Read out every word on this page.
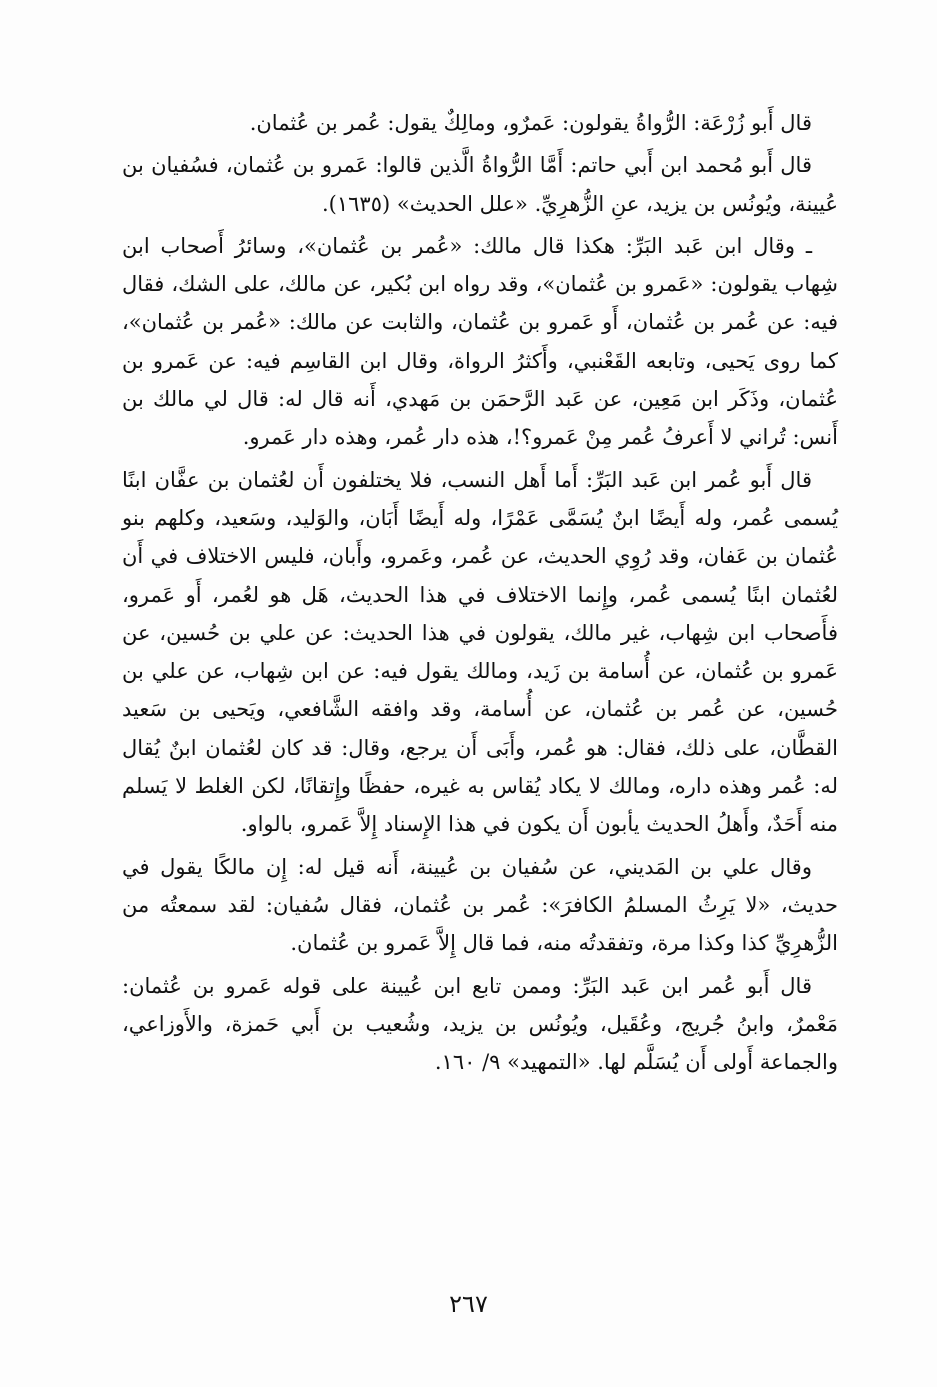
قال أَبو زُرْعَة: الرُّواةُ يقولون: عَمرٌو، ومالِكٌ يقول: عُمر بن عُثمان.

قال أَبو مُحمد ابن أَبي حاتم: أَمَّا الرُّواةُ الَّذين قالوا: عَمرو بن عُثمان، فسُفيان بن عُيينة، ويُونُس بن يزيد، عنِ الزُّهرِيِّ. «علل الحديث» (١٦٣٥).

ـ وقال ابن عَبد البَرِّ: هكذا قال مالك: «عُمر بن عُثمان»، وسائرُ أَصحاب ابن شِهاب يقولون: «عَمرو بن عُثمان»، وقد رواه ابن بُكير، عن مالك، على الشك، فقال فيه: عن عُمر بن عُثمان، أَو عَمرو بن عُثمان، والثابت عن مالك: «عُمر بن عُثمان»، كما روى يَحيى، وتابعه القَعْنبي، وأَكثرُ الرواة، وقال ابن القاسِم فيه: عن عَمرو بن عُثمان، وذَكَر ابن مَعِين، عن عَبد الرَّحمَن بن مَهدي، أَنه قال له: قال لي مالك بن أَنس: تُراني لا أَعرفُ عُمر مِنْ عَمرو؟!، هذه دار عُمر، وهذه دار عَمرو.

قال أَبو عُمر ابن عَبد البَرِّ: أَما أَهل النسب، فلا يختلفون أَن لعُثمان بن عفَّان ابنًا يُسمى عُمر، وله أَيضًا ابنٌ يُسَمَّى عَمْرًا، وله أَيضًا أَبَان، والوَليد، وسَعيد، وكلهم بنو عُثمان بن عَفان، وقد رُوِي الحديث، عن عُمر، وعَمرو، وأَبان، فليس الاختلاف في أَن لعُثمان ابنًا يُسمى عُمر، وإِنما الاختلاف في هذا الحديث، هَل هو لعُمر، أَو عَمرو، فأَصحاب ابن شِهاب، غير مالك، يقولون في هذا الحديث: عن علي بن حُسين، عن عَمرو بن عُثمان، عن أُسامة بن زَيد، ومالك يقول فيه: عن ابن شِهاب، عن علي بن حُسين، عن عُمر بن عُثمان، عن أُسامة، وقد وافقه الشَّافعي، ويَحيى بن سَعيد القطَّان، على ذلك، فقال: هو عُمر، وأَبَى أَن يرجع، وقال: قد كان لعُثمان ابنٌ يُقال له: عُمر وهذه داره، ومالك لا يكاد يُقاس به غيره، حفظًا وإِتقانًا، لكن الغلط لا يَسلم منه أَحَدٌ، وأَهلُ الحديث يأبون أَن يكون في هذا الإِسناد إِلاَّ عَمرو، بالواو.

وقال علي بن المَديني، عن سُفيان بن عُيينة، أَنه قيل له: إِن مالكًا يقول في حديث، «لا يَرِثُ المسلمُ الكافرَ»: عُمر بن عُثمان، فقال سُفيان: لقد سمعتُه من الزُّهرِيِّ كذا وكذا مرة، وتفقدتُه منه، فما قال إِلاَّ عَمرو بن عُثمان.

قال أَبو عُمر ابن عَبد البَرِّ: وممن تابع ابن عُيينة على قوله عَمرو بن عُثمان: مَعْمرٌ، وابنُ جُريج، وعُقَيل، ويُونُس بن يزيد، وشُعيب بن أَبي حَمزة، والأَوزاعي، والجماعة أَولى أَن يُسَلَّم لها. «التمهيد» ٩/ ١٦٠.

٢٦٧
